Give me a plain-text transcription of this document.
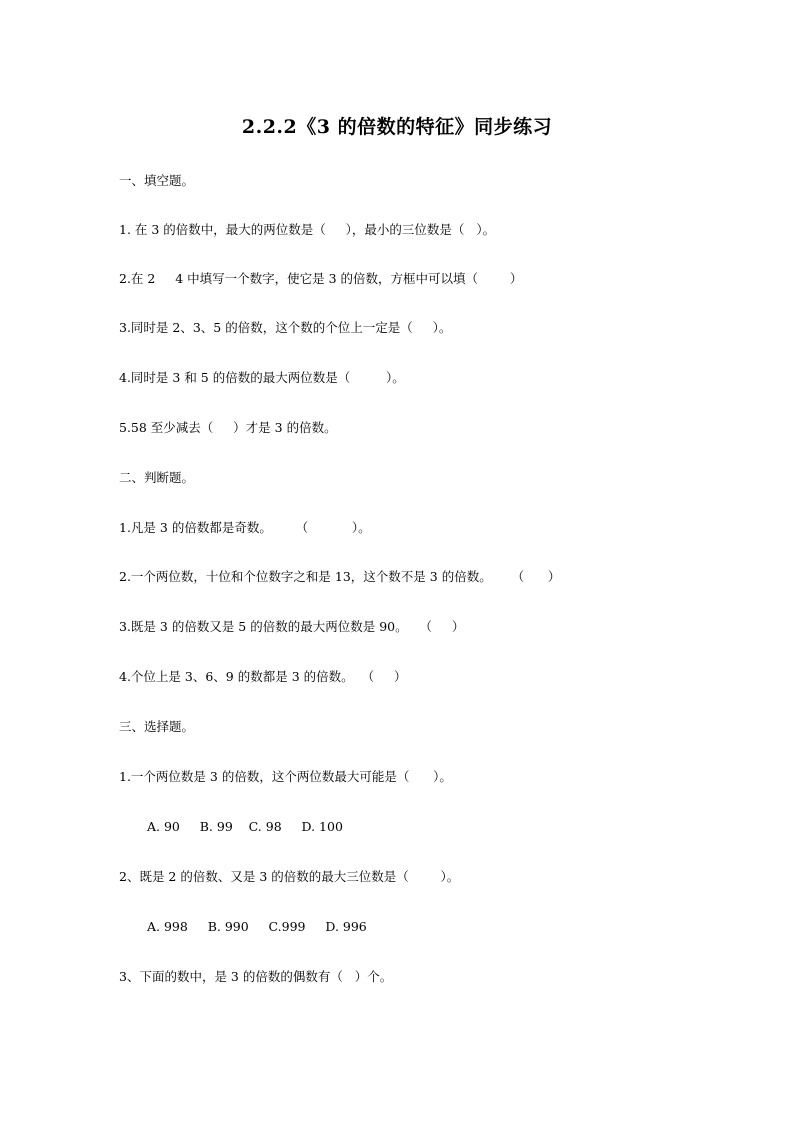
2.2.2《3 的倍数的特征》同步练习
一、填空题。
1. 在 3 的倍数中，最大的两位数是（     ），最小的三位数是（   ）。
2.在 2     4 中填写一个数字，使它是 3 的倍数，方框中可以填（        ）
3.同时是 2、3、5 的倍数，这个数的个位上一定是（     ）。
4.同时是 3 和 5 的倍数的最大两位数是（         ）。
5.58 至少减去（     ）才是 3 的倍数。
二、判断题。
1.凡是 3 的倍数都是奇数。      （           ）。
2.一个两位数，十位和个位数字之和是 13，这个数不是 3 的倍数。     （      ）
3.既是 3 的倍数又是 5 的倍数的最大两位数是 90。   （     ）
4.个位上是 3、6、9 的数都是 3 的倍数。  （     ）
三、选择题。
1.一个两位数是 3 的倍数，这个两位数最大可能是（      ）。
A. 90     B. 99    C. 98     D. 100
2、既是 2 的倍数、又是 3 的倍数的最大三位数是（        ）。
A. 998     B. 990     C.999     D. 996
3、下面的数中，是 3 的倍数的偶数有（   ）个。
